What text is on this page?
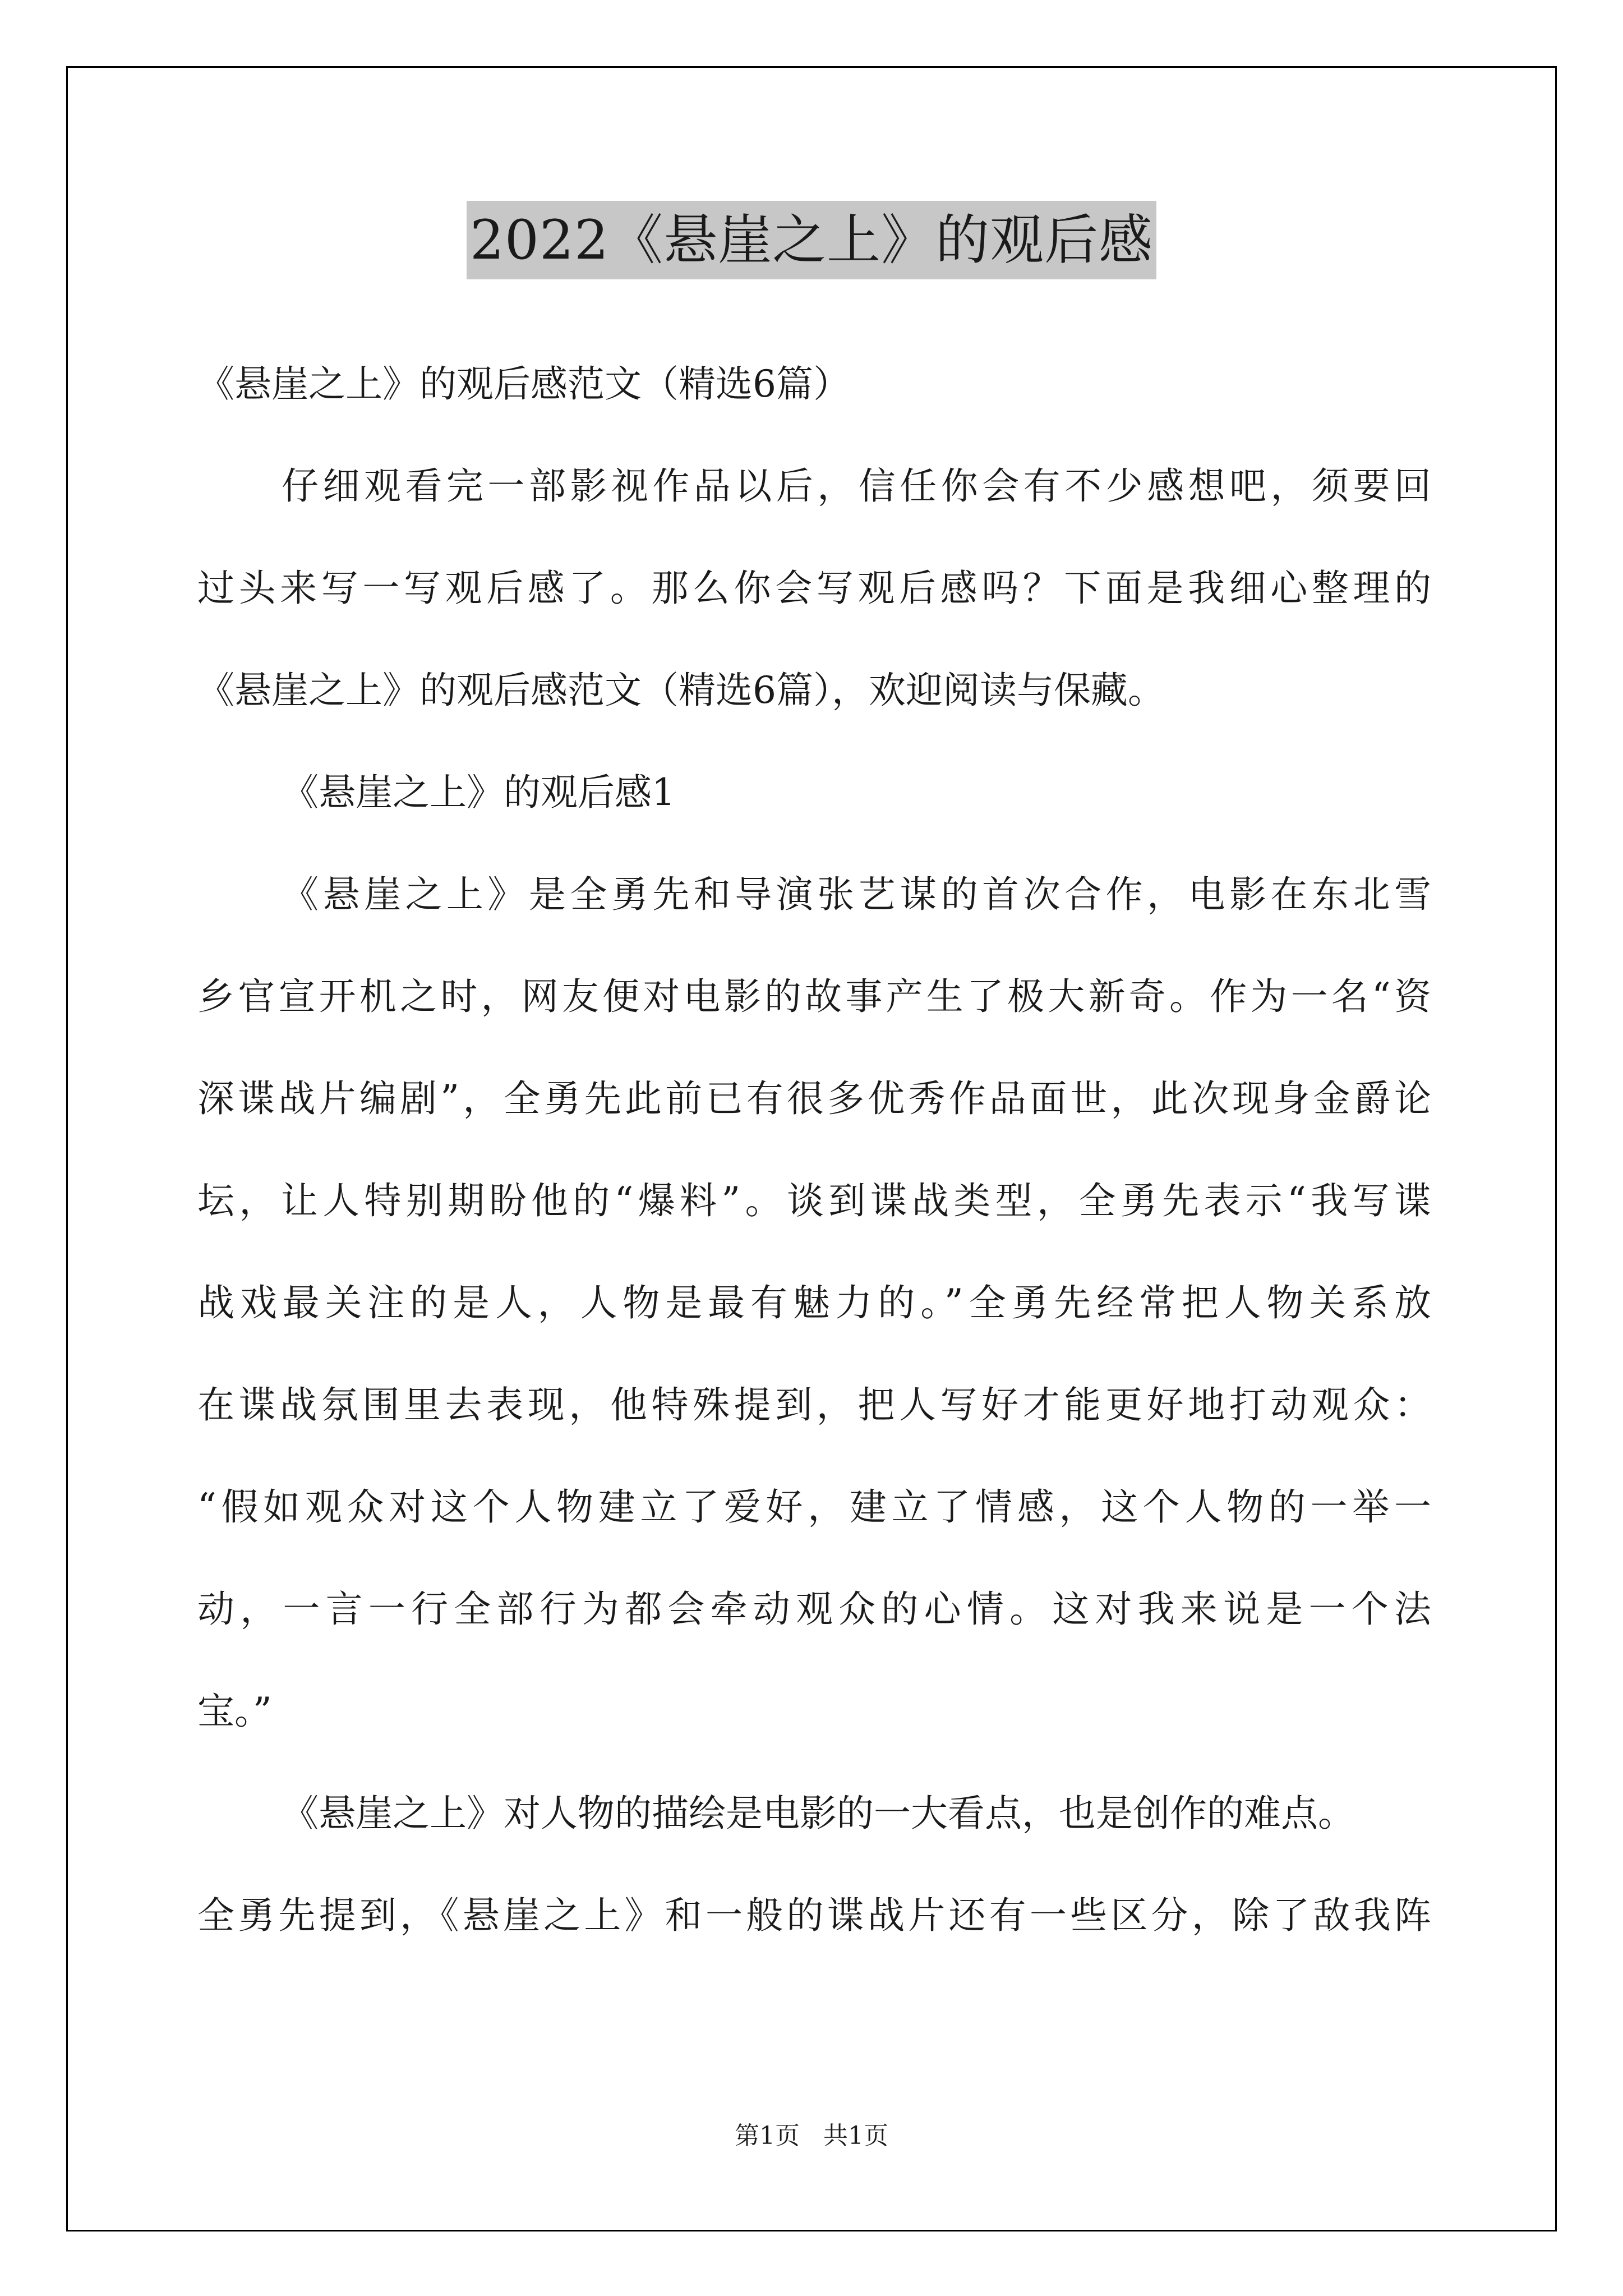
2022《悬崖之上》的观后感
《悬崖之上》的观后感范文（精选6篇）
仔细观看完一部影视作品以后，信任你会有不少感想吧，须要回
过头来写一写观后感了。那么你会写观后感吗？下面是我细心整理的
《悬崖之上》的观后感范文（精选6篇），欢迎阅读与保藏。
《悬崖之上》的观后感1
《悬崖之上》是全勇先和导演张艺谋的首次合作，电影在东北雪
乡官宣开机之时，网友便对电影的故事产生了极大新奇。作为一名“资
深谍战片编剧”，全勇先此前已有很多优秀作品面世，此次现身金爵论
坛，让人特别期盼他的“爆料”。谈到谍战类型，全勇先表示“我写谍
战戏最关注的是人，人物是最有魅力的。”全勇先经常把人物关系放
在谍战氛围里去表现，他特殊提到，把人写好才能更好地打动观众：
“假如观众对这个人物建立了爱好，建立了情感，这个人物的一举一
动，一言一行全部行为都会牵动观众的心情。这对我来说是一个法
宝。”
《悬崖之上》对人物的描绘是电影的一大看点，也是创作的难点。
全勇先提到，《悬崖之上》和一般的谍战片还有一些区分，除了敌我阵
第1页 共1页
